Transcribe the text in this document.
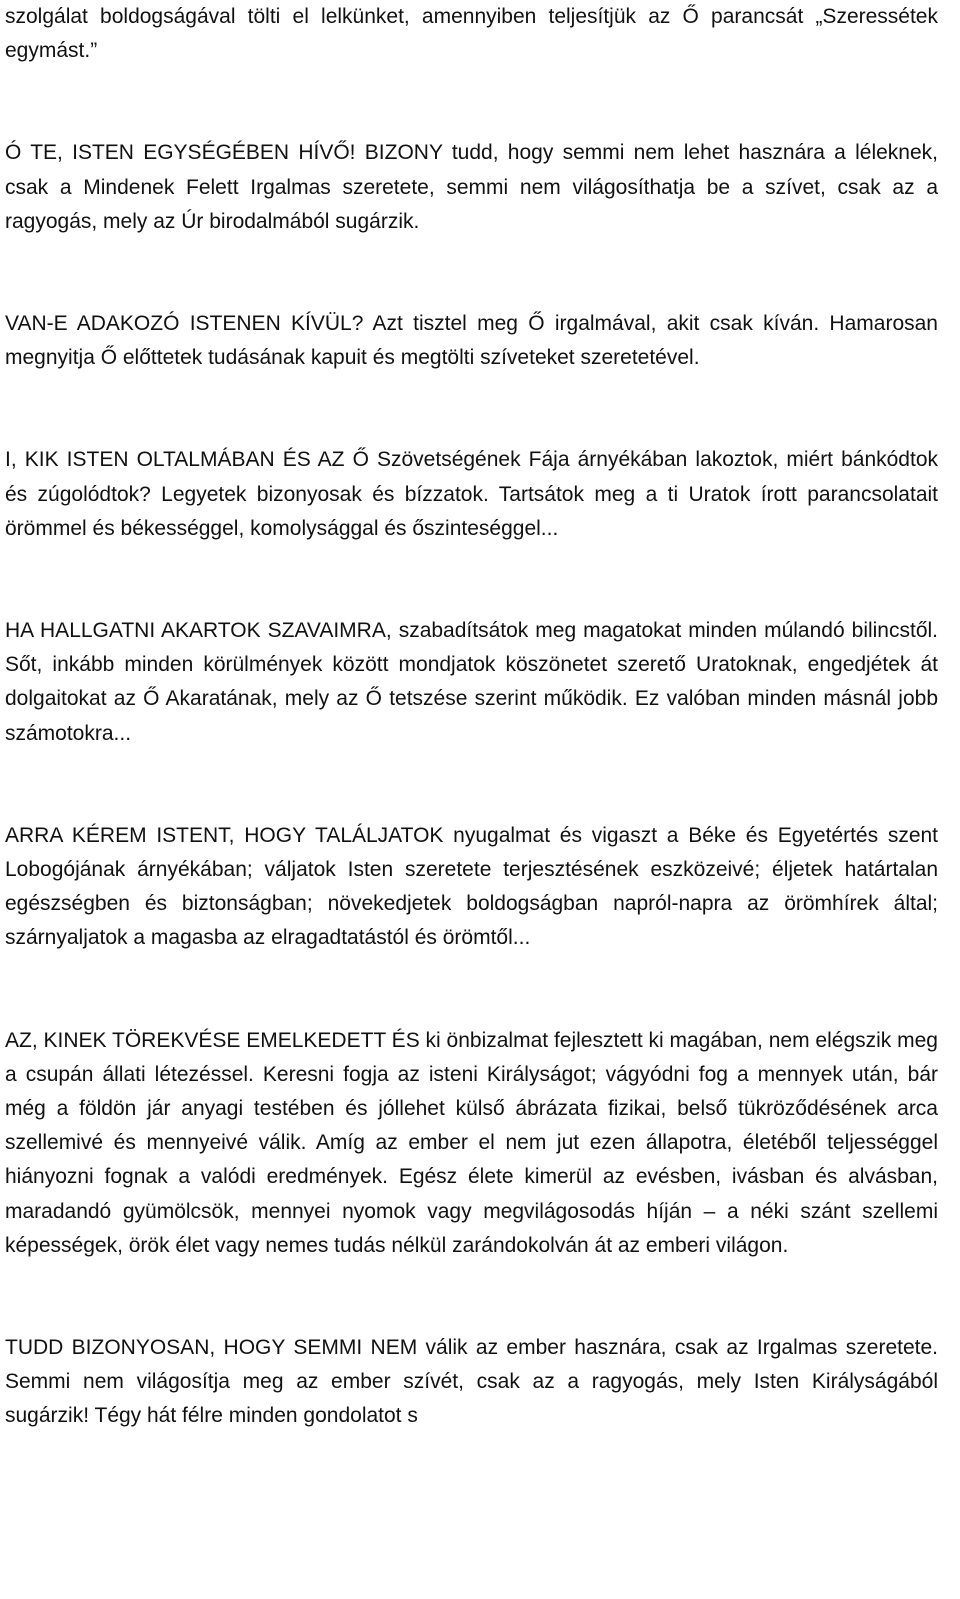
szolgálat boldogságával tölti el lelkünket, amennyiben teljesítjük az Ő parancsát „Szeressétek egymást.”

Ó TE, ISTEN EGYSÉGÉBEN HÍVŐ! BIZONY tudd, hogy semmi nem lehet hasznára a léleknek, csak a Mindenek Felett Irgalmas szeretete, semmi nem világosíthatja be a szívet, csak az a ragyogás, mely az Úr birodalmából sugárzik.

VAN-E ADAKOZÓ ISTENEN KÍVÜL? Azt tisztel meg Ő irgalmával, akit csak kíván. Hamarosan megnyitja Ő előttetek tudásának kapuit és megtölti szíveteket szeretetével.

I, KIK ISTEN OLTALMÁBAN ÉS AZ Ő Szövetségének Fája árnyékában lakoztok, miért bánkódtok és zúgolódtok? Legyetek bizonyosak és bízzatok. Tartsátok meg a ti Uratok írott parancsolatait örömmel és békességgel, komolysággal és őszinteséggel...

HA HALLGATNI AKARTOK SZAVAIMRA, szabadítsátok meg magatokat minden múlandó bilincstől. Sőt, inkább minden körülmények között mondjatok köszönetet szerető Uratoknak, engedjétek át dolgaitokat az Ő Akaratának, mely az Ő tetszése szerint működik. Ez valóban minden másnál jobb számotokra...

ARRA KÉREM ISTENT, HOGY TALÁLJATOK nyugalmat és vigaszt a Béke és Egyetértés szent Lobogójának árnyékában; váljatok Isten szeretete terjesztésének eszközeivé; éljetek határtalan egészségben és biztonságban; növekedjetek boldogságban napról-napra az örömhírek által; szárnyaljatok a magasba az elragadtatástól és örömtől...

AZ, KINEK TÖREKVÉSE EMELKEDETT ÉS ki önbizalmat fejlesztett ki magában, nem elégszik meg a csupán állati létezéssel. Keresni fogja az isteni Királyságot; vágyódni fog a mennyek után, bár még a földön jár anyagi testében és jóllehet külső ábrázata fizikai, belső tükröződésének arca szellemivé és mennyeivé válik. Amíg az ember el nem jut ezen állapotra, életéből teljességgel hiányozni fognak a valódi eredmények. Egész élete kimerül az evésben, ivásban és alvásban, maradandó gyümölcsök, mennyei nyomok vagy megvilágosodás híján – a néki szánt szellemi képességek, örök élet vagy nemes tudás nélkül zarándokolván át az emberi világon.

TUDD BIZONYOSAN, HOGY SEMMI NEM válik az ember hasznára, csak az Irgalmas szeretete. Semmi nem világosítja meg az ember szívét, csak az a ragyogás, mely Isten Királyságából sugárzik! Tégy hát félre minden gondolatot s
